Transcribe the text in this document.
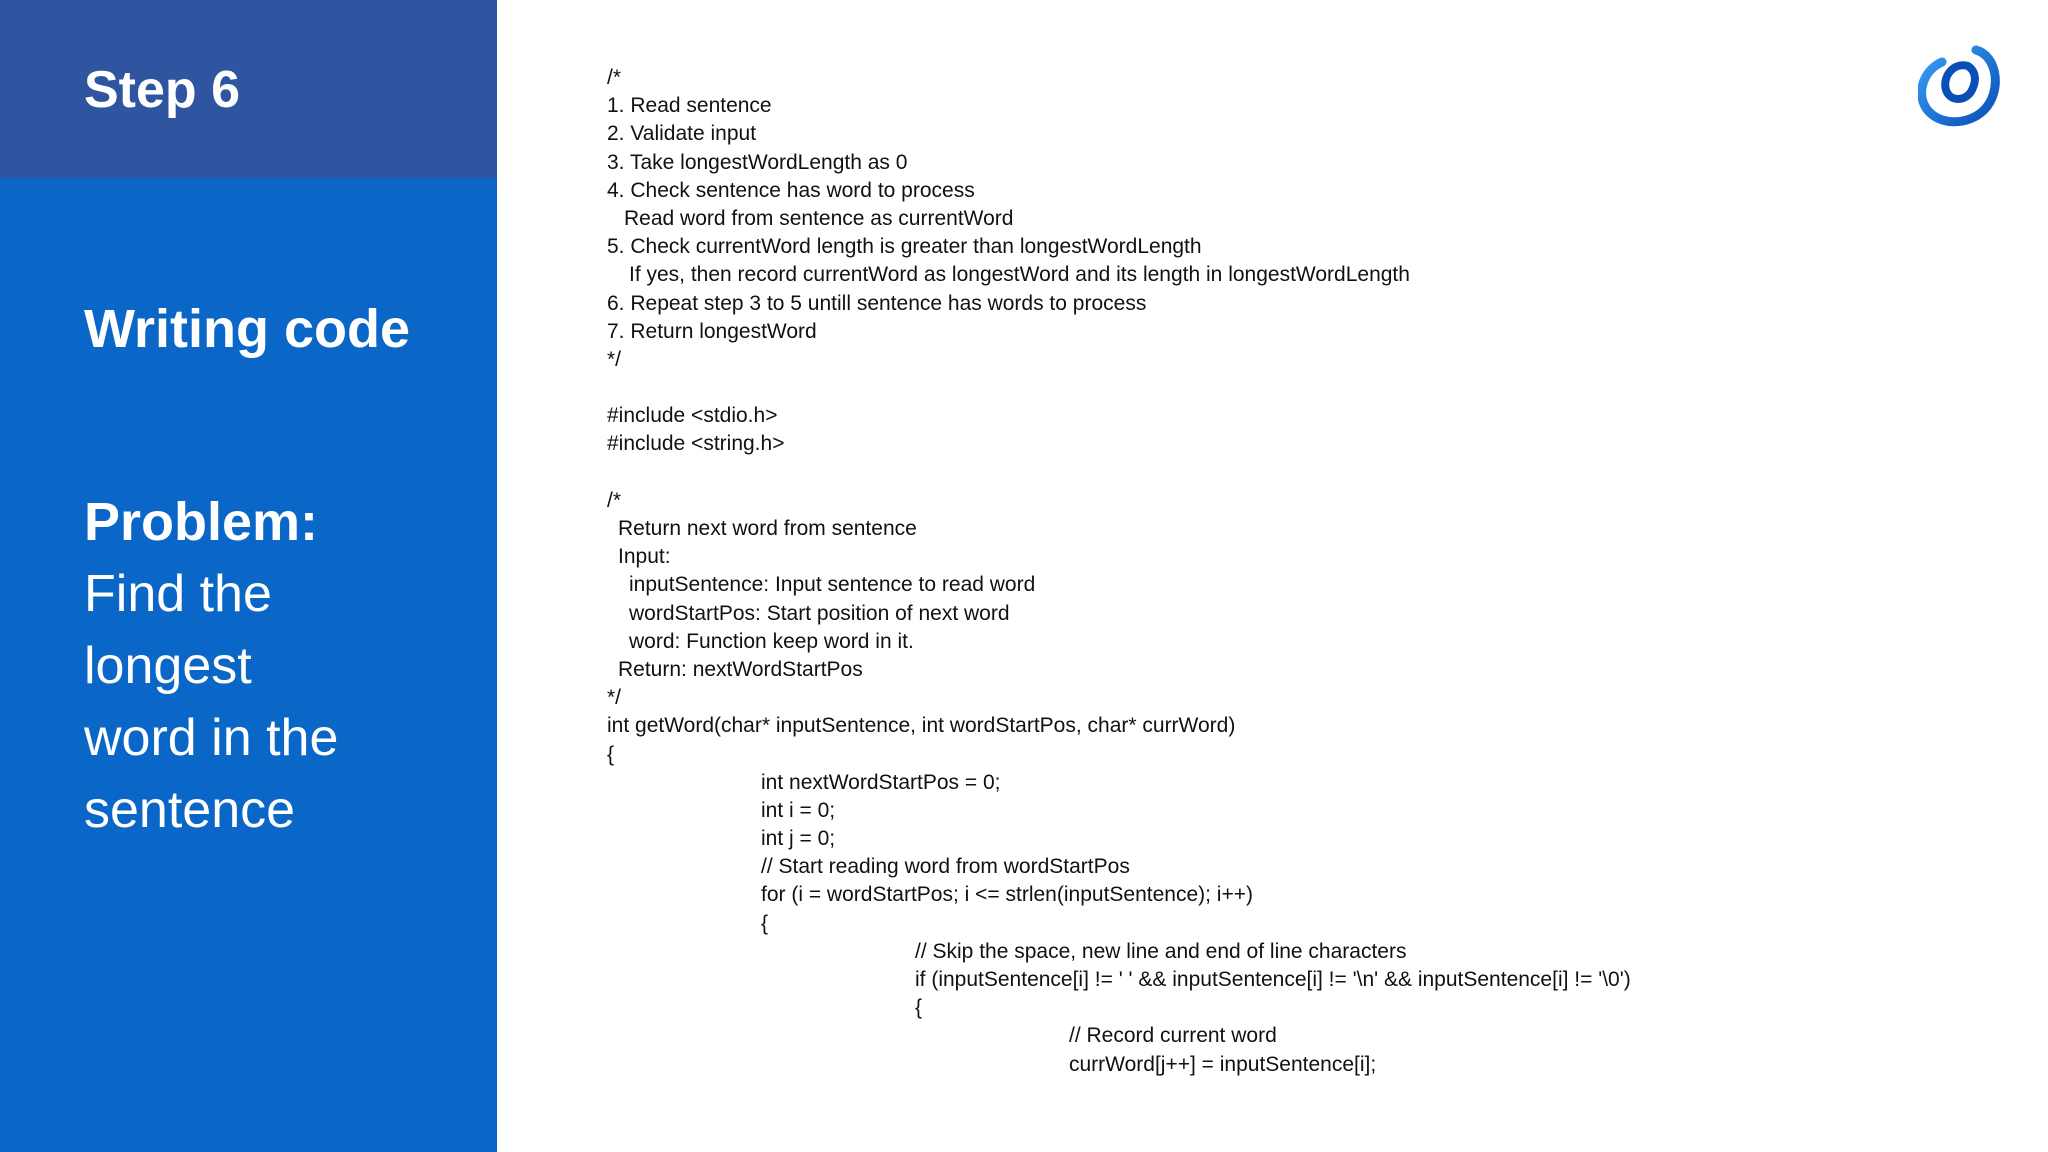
Step 6
Writing code
Problem:
Find the
longest
word in the
sentence
/*
1. Read sentence
2. Validate input
3. Take longestWordLength as 0
4. Check sentence has word to process
Read word from sentence as currentWord
5. Check currentWord length is greater than longestWordLength
If yes, then record currentWord as longestWord and its length in longestWordLength
6. Repeat step 3 to 5 untill sentence has words to process
7. Return longestWord
*/
#include <stdio.h>
#include <string.h>
/*
Return next word from sentence
Input:
inputSentence: Input sentence to read word
wordStartPos: Start position of next word
word: Function keep word in it.
Return: nextWordStartPos
*/
int getWord(char* inputSentence, int wordStartPos, char* currWord)
{
int nextWordStartPos = 0;
int i = 0;
int j = 0;
// Start reading word from wordStartPos
for (i = wordStartPos; i <= strlen(inputSentence); i++)
{
// Skip the space, new line and end of line characters
if (inputSentence[i] != ' ' && inputSentence[i] != '\n' && inputSentence[i] != '\0')
{
// Record current word
currWord[j++] = inputSentence[i];
